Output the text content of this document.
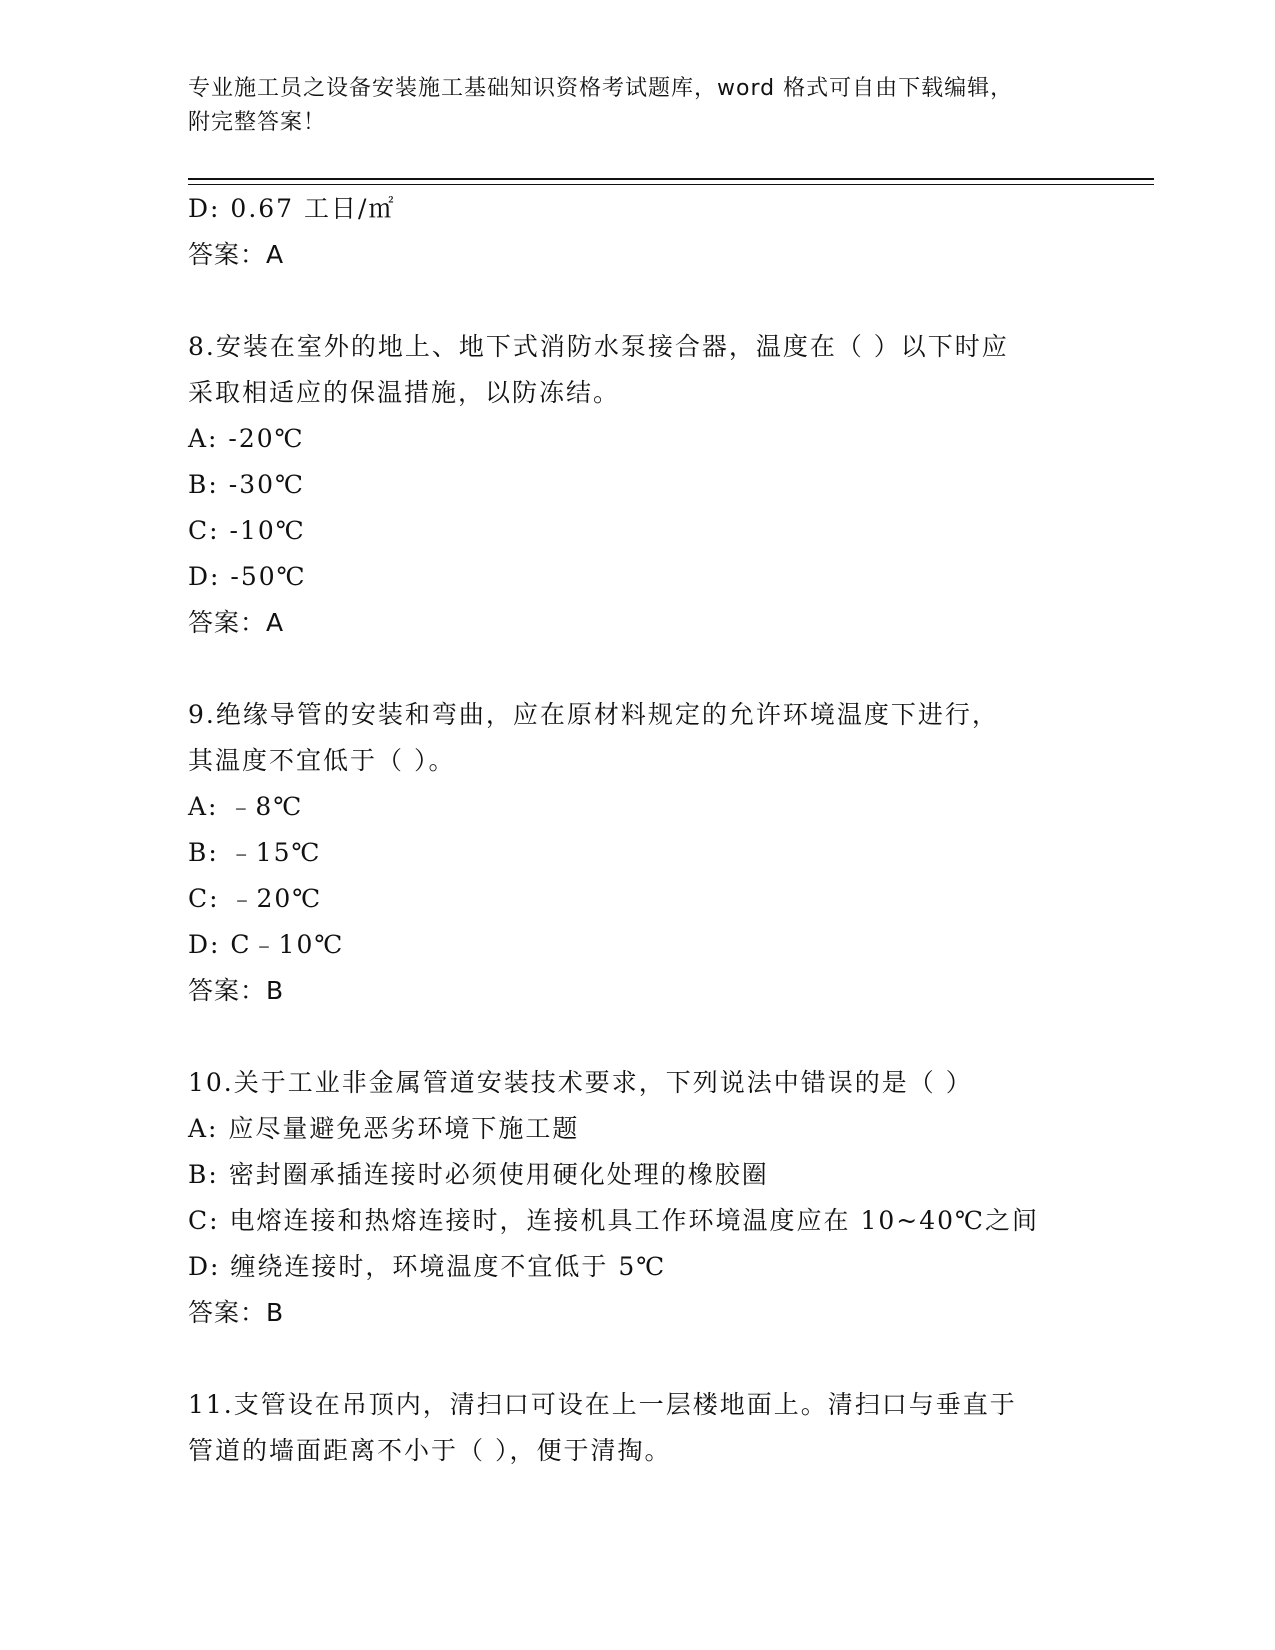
专业施工员之设备安装施工基础知识资格考试题库，word 格式可自由下载编辑，
附完整答案！
D: 0.67 工日/㎡
答案：A
8.安装在室外的地上、地下式消防水泵接合器，温度在（ ）以下时应
采取相适应的保温措施，以防冻结。
A: -20℃
B: -30℃
C: -10℃
D: -50℃
答案：A
9.绝缘导管的安装和弯曲，应在原材料规定的允许环境温度下进行，
其温度不宜低于（ ）。
A: ﹣8℃
B: ﹣15℃
C: ﹣20℃
D: C﹣10℃
答案：B
10.关于工业非金属管道安装技术要求，下列说法中错误的是（ ）
A: 应尽量避免恶劣环境下施工题
B: 密封圈承插连接时必须使用硬化处理的橡胶圈
C: 电熔连接和热熔连接时，连接机具工作环境温度应在 10~40℃之间
D: 缠绕连接时，环境温度不宜低于 5℃
答案：B
11.支管设在吊顶内，清扫口可设在上一层楼地面上。清扫口与垂直于
管道的墙面距离不小于（ ），便于清掏。
